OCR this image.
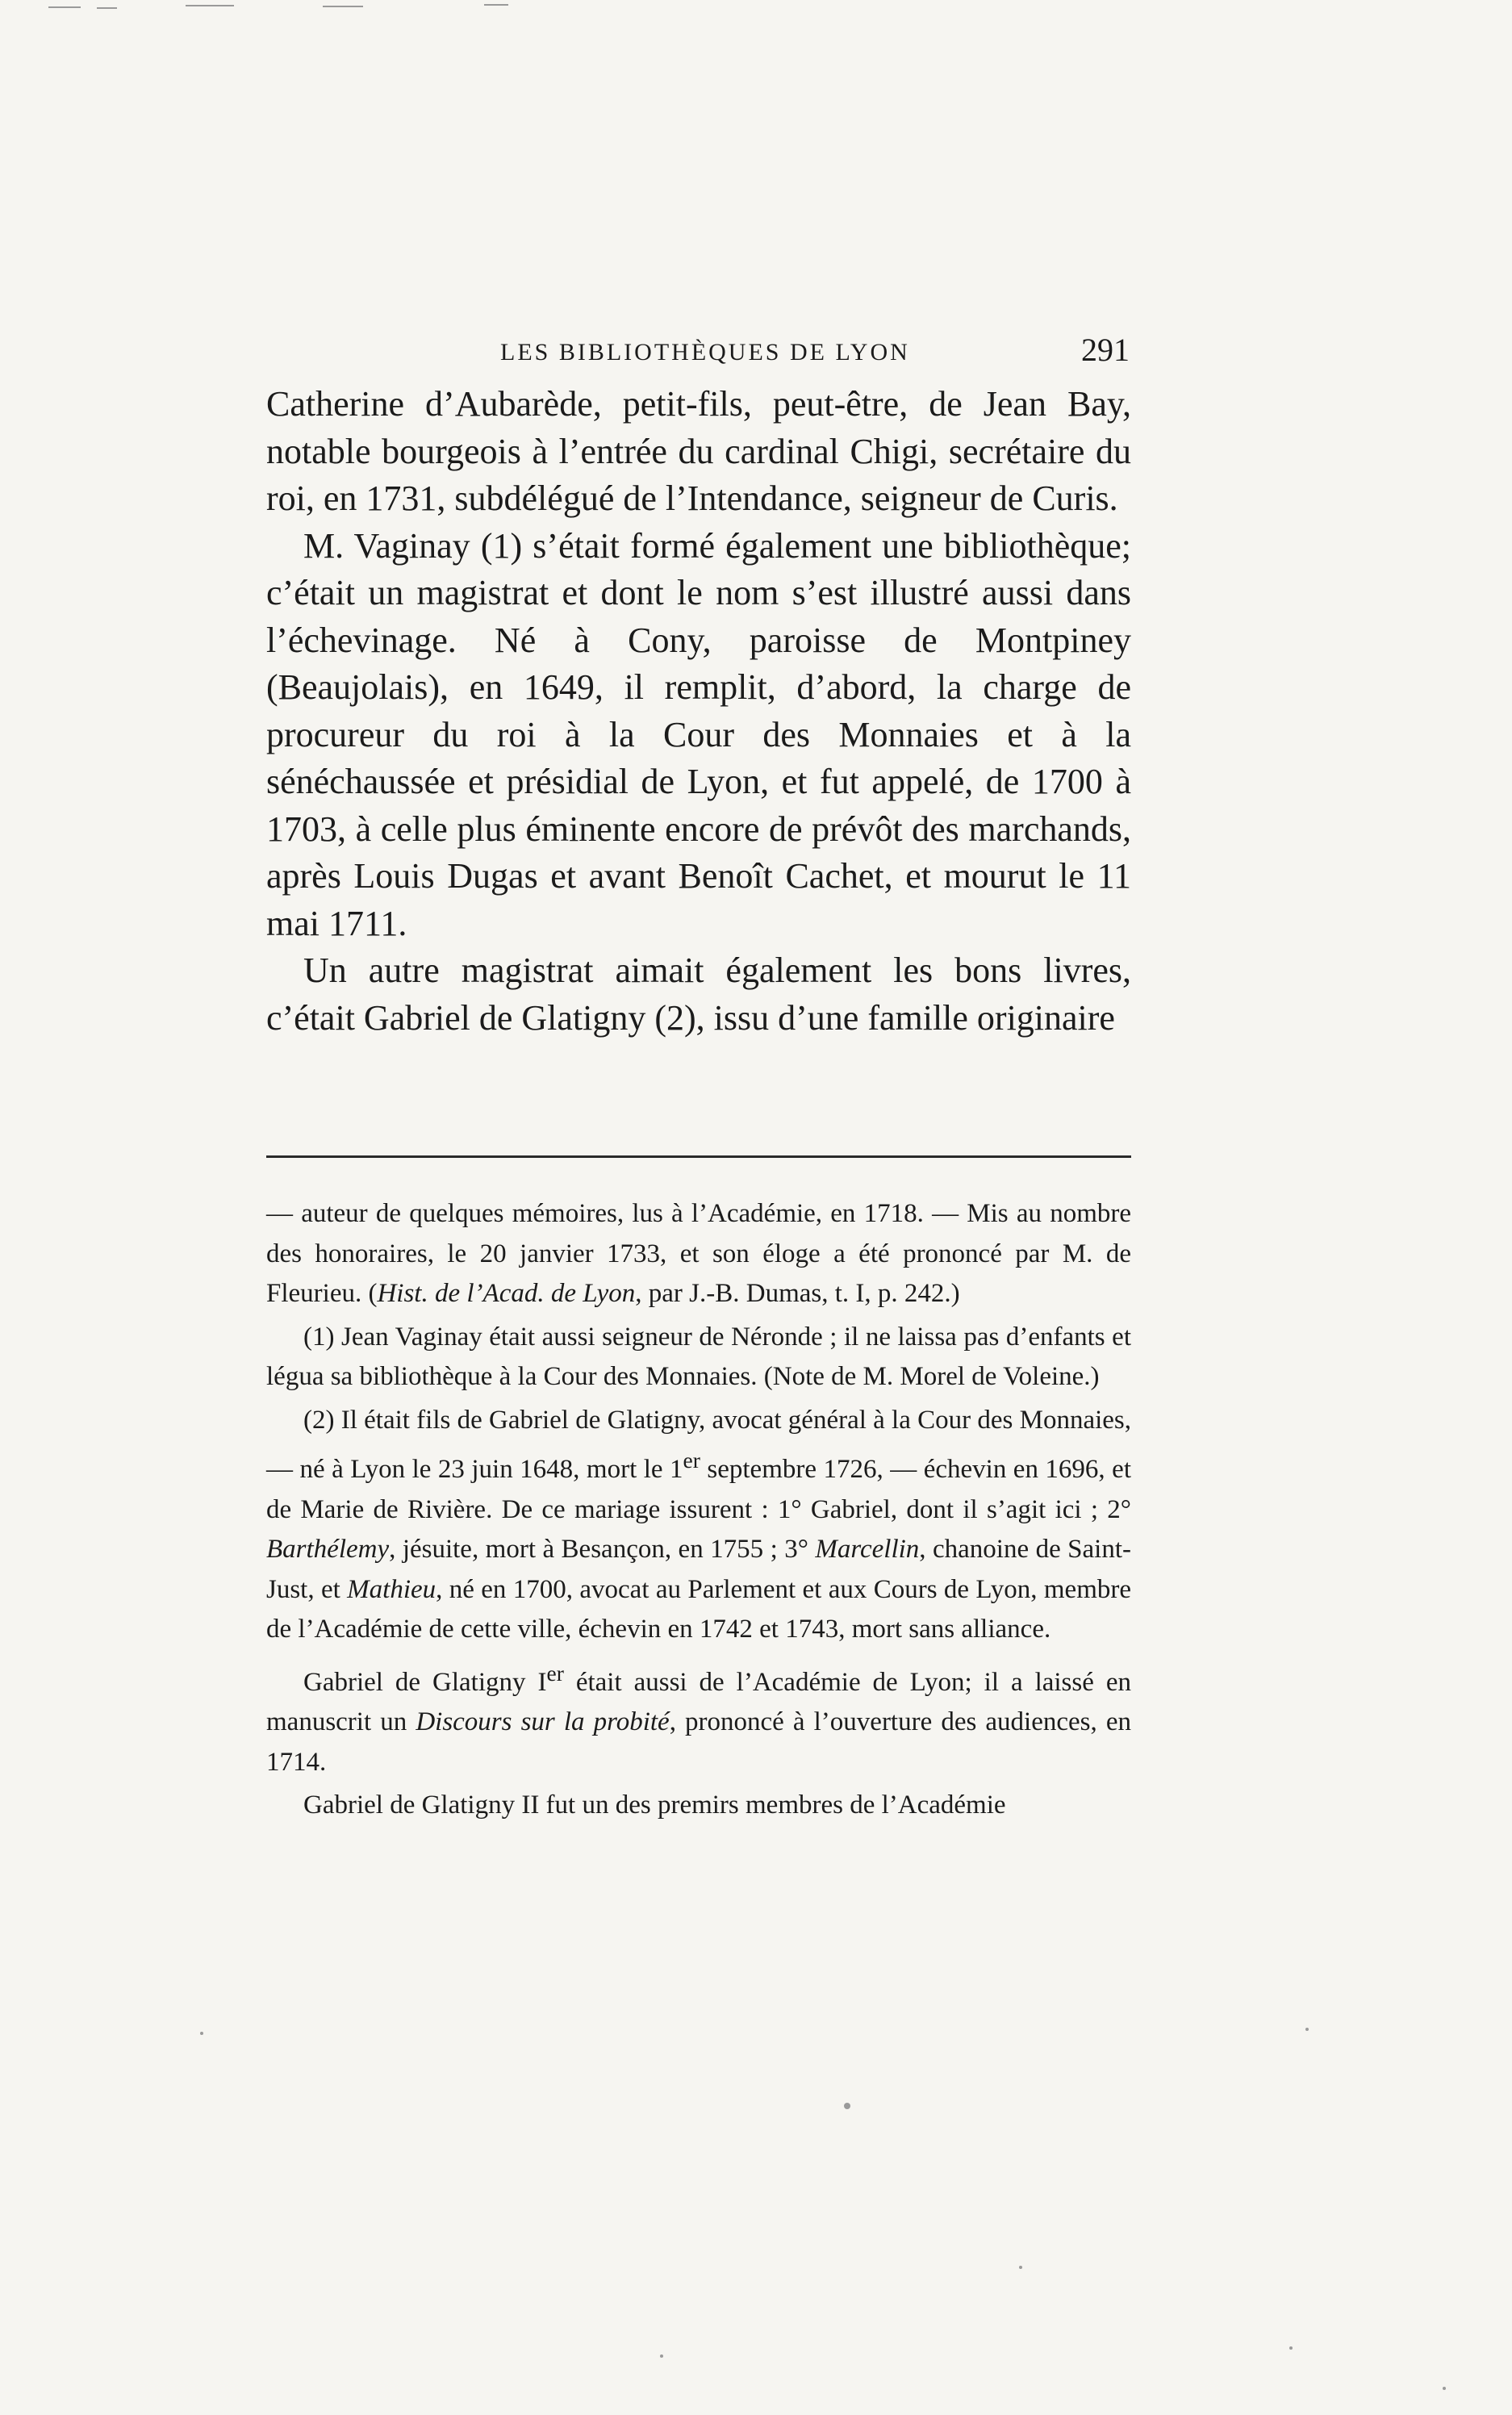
LES BIBLIOTHÈQUES DE LYON	291

Catherine d’Aubarède, petit-fils, peut-être, de Jean Bay, notable bourgeois à l’entrée du cardinal Chigi, secrétaire du roi, en 1731, subdélégué de l’Intendance, seigneur de Curis.

M. Vaginay (1) s’était formé également une bibliothèque; c’était un magistrat et dont le nom s’est illustré aussi dans l’échevinage. Né à Cony, paroisse de Montpiney (Beaujolais), en 1649, il remplit, d’abord, la charge de procureur du roi à la Cour des Monnaies et à la sénéchaussée et présidial de Lyon, et fut appelé, de 1700 à 1703, à celle plus éminente encore de prévôt des marchands, après Louis Dugas et avant Benoît Cachet, et mourut le 11 mai 1711.

Un autre magistrat aimait également les bons livres, c’était Gabriel de Glatigny (2), issu d’une famille originaire

— auteur de quelques mémoires, lus à l’Académie, en 1718. — Mis au nombre des honoraires, le 20 janvier 1733, et son éloge a été prononcé par M. de Fleurieu. (Hist. de l’Acad. de Lyon, par J.-B. Dumas, t. I, p. 242.)

(1) Jean Vaginay était aussi seigneur de Néronde ; il ne laissa pas d’enfants et légua sa bibliothèque à la Cour des Monnaies. (Note de M. Morel de Voleine.)

(2) Il était fils de Gabriel de Glatigny, avocat général à la Cour des Monnaies, — né à Lyon le 23 juin 1648, mort le 1er septembre 1726, — échevin en 1696, et de Marie de Rivière. De ce mariage issurent : 1° Gabriel, dont il s’agit ici ; 2° Barthélemy, jésuite, mort à Besançon, en 1755 ; 3° Marcellin, chanoine de Saint-Just, et Mathieu, né en 1700, avocat au Parlement et aux Cours de Lyon, membre de l’Académie de cette ville, échevin en 1742 et 1743, mort sans alliance.

Gabriel de Glatigny Ier était aussi de l’Académie de Lyon; il a laissé en manuscrit un Discours sur la probité, prononcé à l’ouverture des audiences, en 1714.

Gabriel de Glatigny II fut un des premirs membres de l’Académie
